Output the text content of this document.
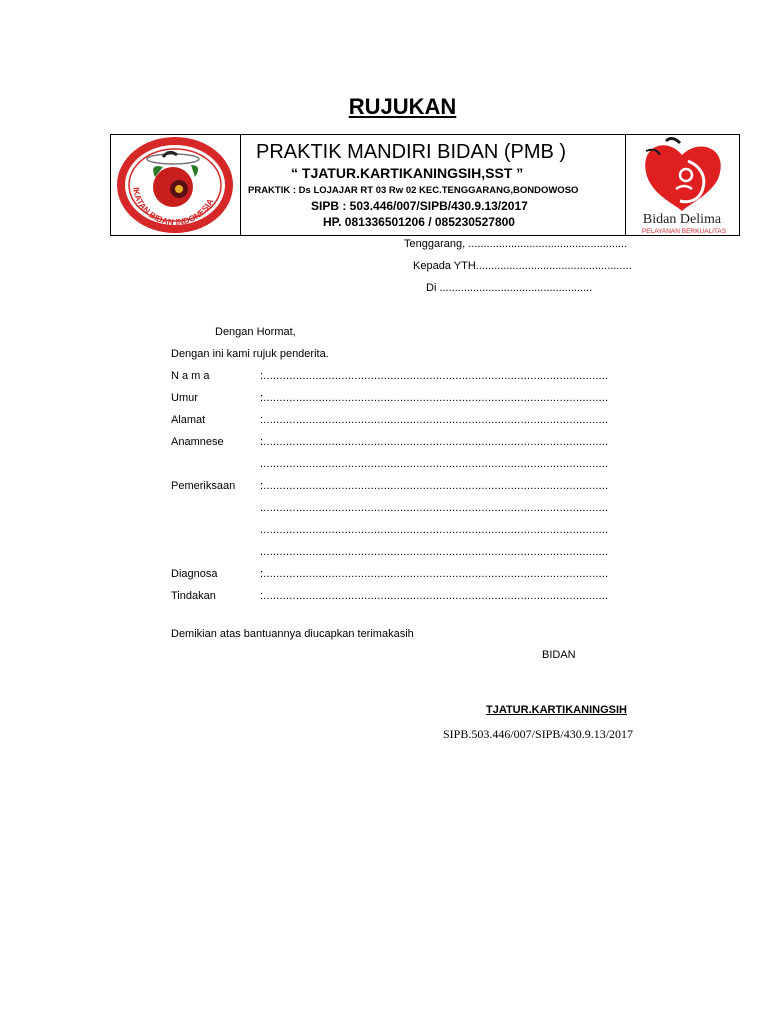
RUJUKAN
IKATAN BIDAN INDONESIA
PRAKTIK MANDIRI BIDAN (PMB )
“ TJATUR.KARTIKANINGSIH,SST ”
PRAKTIK : Ds LOJAJAR RT 03 Rw 02 KEC.TENGGARANG,BONDOWOSO
SIPB : 503.446/007/SIPB/430.9.13/2017
HP. 081336501206 / 085230527800	Bidan Delima
PELAYANAN BERKUALITAS
Tenggarang, ....................................................
Kepada YTH...................................................
Di ..................................................
Dengan Hormat,
Dengan ini kami rujuk penderita.
N a m a	:..........................................................................................................
Umur	:..........................................................................................................
Alamat	:..........................................................................................................
Anamnese	:..........................................................................................................
...........................................................................................................
Pemeriksaan :..........................................................................................................
...........................................................................................................
...........................................................................................................
...........................................................................................................
Diagnosa	:..........................................................................................................
Tindakan	:..........................................................................................................
Demikian atas bantuannya diucapkan terimakasih
BIDAN
TJATUR.KARTIKANINGSIH
SIPB.503.446/007/SIPB/430.9.13/2017
